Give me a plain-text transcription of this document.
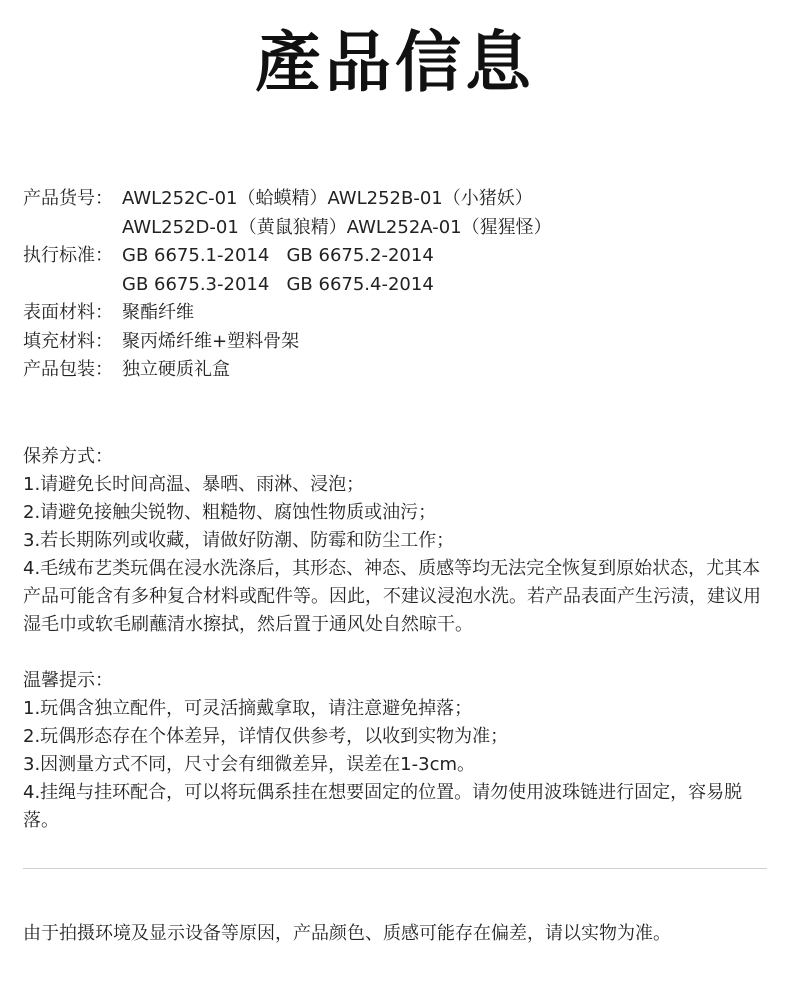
產品信息
产品货号： AWL252C-01（蛤蟆精）AWL252B-01（小猪妖）
AWL252D-01（黄鼠狼精）AWL252A-01（猩猩怪）
执行标准： GB 6675.1-2014   GB 6675.2-2014
GB 6675.3-2014   GB 6675.4-2014
表面材料： 聚酯纤维
填充材料： 聚丙烯纤维+塑料骨架
产品包装： 独立硬质礼盒
保养方式：
1.请避免长时间高温、暴晒、雨淋、浸泡；
2.请避免接触尖锐物、粗糙物、腐蚀性物质或油污；
3.若长期陈列或收藏，请做好防潮、防霉和防尘工作；
4.毛绒布艺类玩偶在浸水洗涤后，其形态、神态、质感等均无法完全恢复到原始状态，尤其本产品可能含有多种复合材料或配件等。因此，不建议浸泡水洗。若产品表面产生污渍，建议用湿毛巾或软毛刷蘸清水擦拭，然后置于通风处自然晾干。
温馨提示：
1.玩偶含独立配件，可灵活摘戴拿取，请注意避免掉落；
2.玩偶形态存在个体差异，详情仅供参考，以收到实物为准；
3.因测量方式不同，尺寸会有细微差异，误差在1-3cm。
4.挂绳与挂环配合，可以将玩偶系挂在想要固定的位置。请勿使用波珠链进行固定，容易脱落。
由于拍摄环境及显示设备等原因，产品颜色、质感可能存在偏差，请以实物为准。
